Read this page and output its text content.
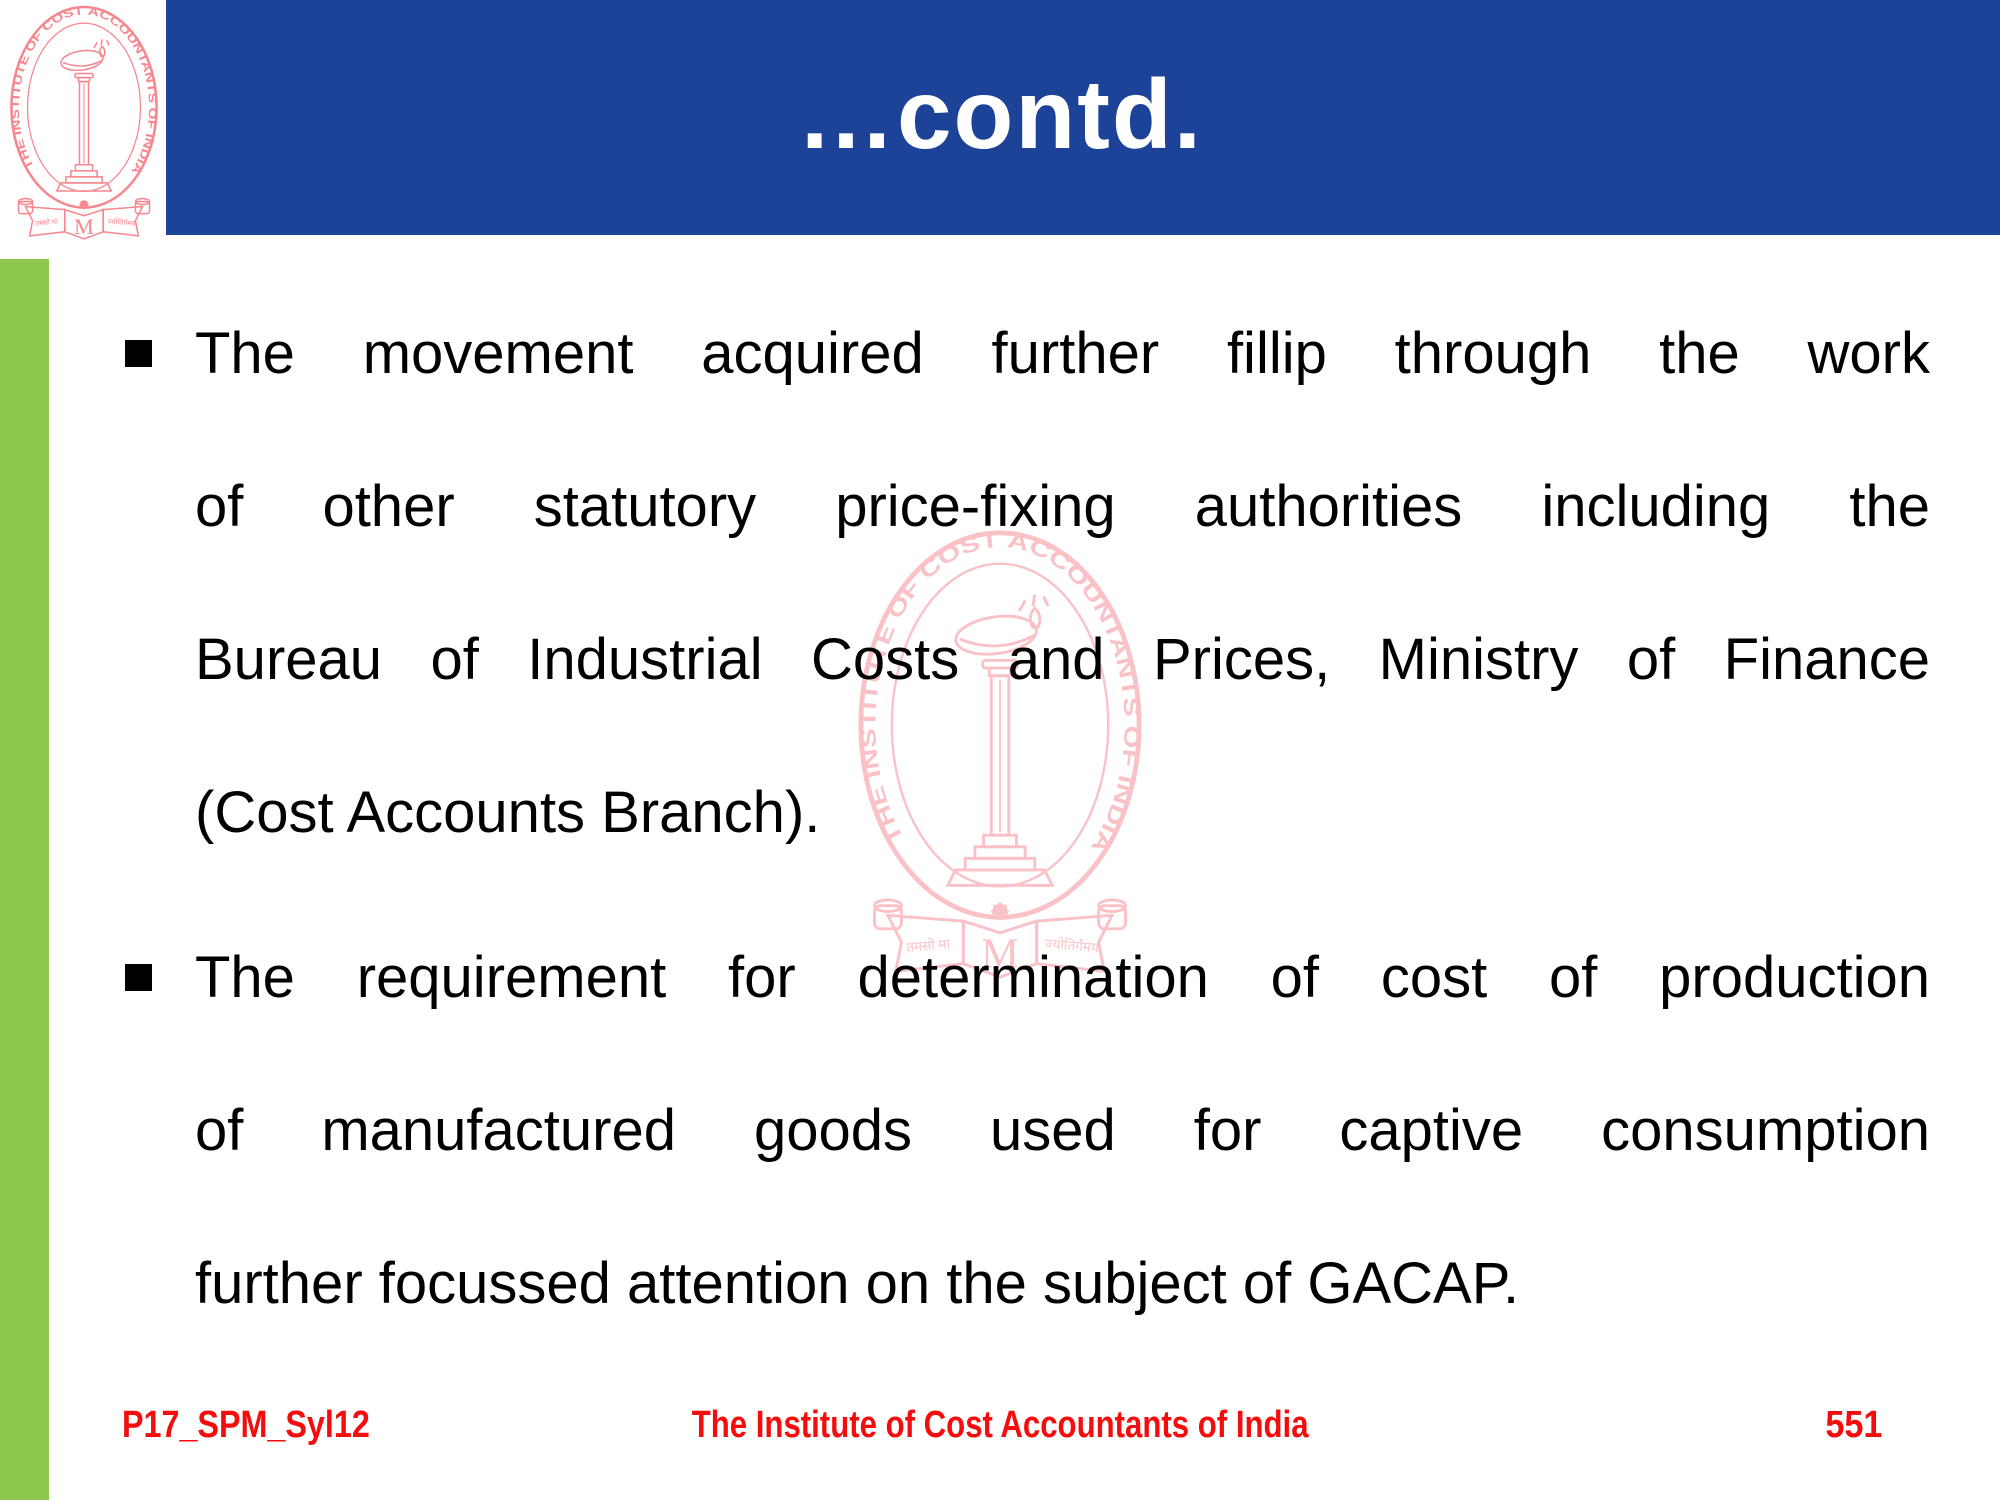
…contd.
The movement acquired further fillip through the work
of other statutory price-fixing authorities including the
Bureau of Industrial Costs and Prices, Ministry of Finance
(Cost Accounts Branch).
The requirement for determination of cost of production
of manufactured goods used for captive consumption
further focussed attention on the subject of GACAP.
P17_SPM_Syl12	The Institute of Cost Accountants of India	551
